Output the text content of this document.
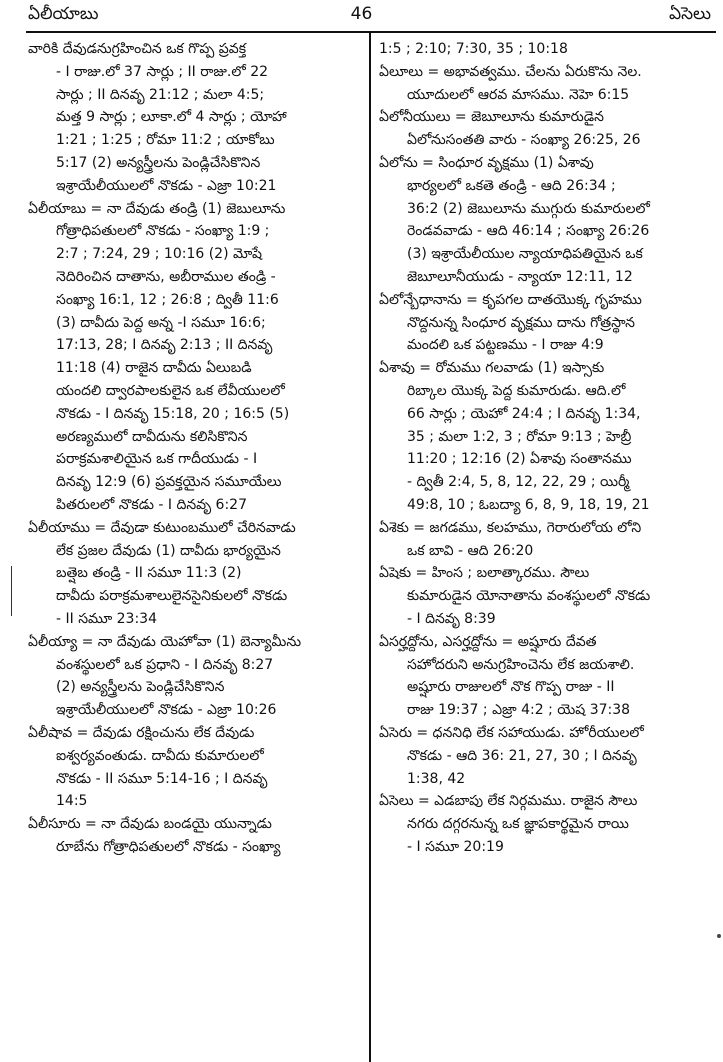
ఏలీయాబు	46	ఏసెలు
వారికి దేవుడనుగ్రహించిన ఒక గొప్ప ప్రవక్త
- I రాజు.లో 37 సార్లు ; II రాజు.లో 22
సార్లు ; II దినవృ 21:12 ; మలా 4:5;
మత్త 9 సార్లు ; లూకా.లో 4 సార్లు ; యోహా
1:21 ; 1:25 ; రోమా 11:2 ; యాకోబు
5:17 (2) అన్యస్త్రీలను పెండ్లిచేసికొనిన
ఇశ్రాయేలీయులలో నొకడు - ఎజ్రా 10:21
ఏలీయాబు = నా దేవుడు తండ్రి (1) జెబులూను
గోత్రాధిపతులలో నొకడు - సంఖ్యా 1:9 ;
2:7 ; 7:24, 29 ; 10:16 (2) మోషే
నెదిరించిన దాతాను, అబీరాముల తండ్రి -
సంఖ్యా 16:1, 12 ; 26:8 ; ద్వితీ 11:6
(3) దావీదు పెద్ద అన్న -I సమూ 16:6;
17:13, 28; I దినవృ 2:13 ; II దినవృ
11:18 (4) రాజైన దావీదు ఏలుబడి
యందలి ద్వారపాలకులైన ఒక లేవీయులలో
నొకడు - I దినవృ 15:18, 20 ; 16:5 (5)
అరణ్యములో దావీదును కలిసికొనిన
పరాక్రమశాలియైన ఒక గాదీయుడు - I
దినవృ 12:9 (6) ప్రవక్తయైన సమూయేలు
పితరులలో నొకడు - I దినవృ 6:27
ఏలీయాము = దేవుడా కుటుంబములో చేరినవాడు
లేక ప్రజల దేవుడు (1) దావీదు భార్యయైన
బత్షెబ తండ్రి - II సమూ 11:3 (2)
దావీదు పరాక్రమశాలులైనసైనికులలో నొకడు
- II సమూ 23:34
ఏలీయ్యా = నా దేవుడు యెహోవా (1) బెన్యామీను
వంశస్థులలో ఒక ప్రధాని - I దినవృ 8:27
(2) అన్యస్త్రీలను పెండ్లిచేసికొనిన
ఇశ్రాయేలీయులలో నొకడు - ఎజ్రా 10:26
ఏలీషావ = దేవుడు రక్షించును లేక దేవుడు
ఐశ్వర్యవంతుడు. దావీదు కుమారులలో
నొకడు - II సమూ 5:14-16 ; I దినవృ
14:5
ఏలీసూరు = నా దేవుడు బండయై యున్నాడు
రూబేను గోత్రాధిపతులలో నొకడు - సంఖ్యా
1:5 ; 2:10; 7:30, 35 ; 10:18
ఏలూలు = అభావత్వము. చేలను ఏరుకొను నెల.
యూదులలో ఆరవ మాసము. నెహె 6:15
ఏలోనీయులు = జెబూలూను కుమారుడైన
ఏలోనుసంతతి వారు - సంఖ్యా 26:25, 26
ఏలోను = సింధూర వృక్షము (1) ఏశావు
భార్యలలో ఒకతె తండ్రి - ఆది 26:34 ;
36:2 (2) జెబులూను ముగ్గురు కుమారులలో
రెండవవాడు - ఆది 46:14 ; సంఖ్యా 26:26
(3) ఇశ్రాయేలీయుల న్యాయాధిపతియైన ఒక
జెబూలూనీయుడు - న్యాయా 12:11, 12
ఏలోన్బేధానాను = కృపగల దాతయొక్క గృహము
నొద్దనున్న సింధూర వృక్షము దాను గోత్రస్థాన
మందలి ఒక పట్టణము - I రాజు 4:9
ఏశావు = రోమము గలవాడు (1) ఇస్సాకు
రిబ్కాల యొక్క పెద్ద కుమారుడు. ఆది.లో
66 సార్లు ; యెహో 24:4 ; I దినవృ 1:34,
35 ; మలా 1:2, 3 ; రోమా 9:13 ; హెబ్రీ
11:20 ; 12:16 (2) ఏశావు సంతానము
- ద్వితీ 2:4, 5, 8, 12, 22, 29 ; యిర్మీ
49:8, 10 ; ఓబద్యా 6, 8, 9, 18, 19, 21
ఏశెకు = జగడము, కలహము, గెరారులోయ లోని
ఒక బావి - ఆది 26:20
ఏషెకు = హింస ; బలాత్కారము. సౌలు
కుమారుడైన యోనాతాను వంశస్థులలో నొకడు
- I దినవృ 8:39
ఏసర్హద్దోను, ఎసర్హద్దోను = అష్షూరు దేవత
సహోదరుని అనుగ్రహించెను లేక జయశాలి.
అష్షూరు రాజులలో నొక గొప్ప రాజు - II
రాజు 19:37 ; ఎజ్రా 4:2 ; యెష 37:38
ఏసెరు = ధననిధి లేక సహాయుడు. హోరీయులలో
నొకడు - ఆది 36: 21, 27, 30 ; I దినవృ
1:38, 42
ఏసెలు = ఎడబాపు లేక నిర్గమము. రాజైన సౌలు
నగరు దగ్గరనున్న ఒక జ్ఞాపకార్థమైన రాయి
- I సమూ 20:19
